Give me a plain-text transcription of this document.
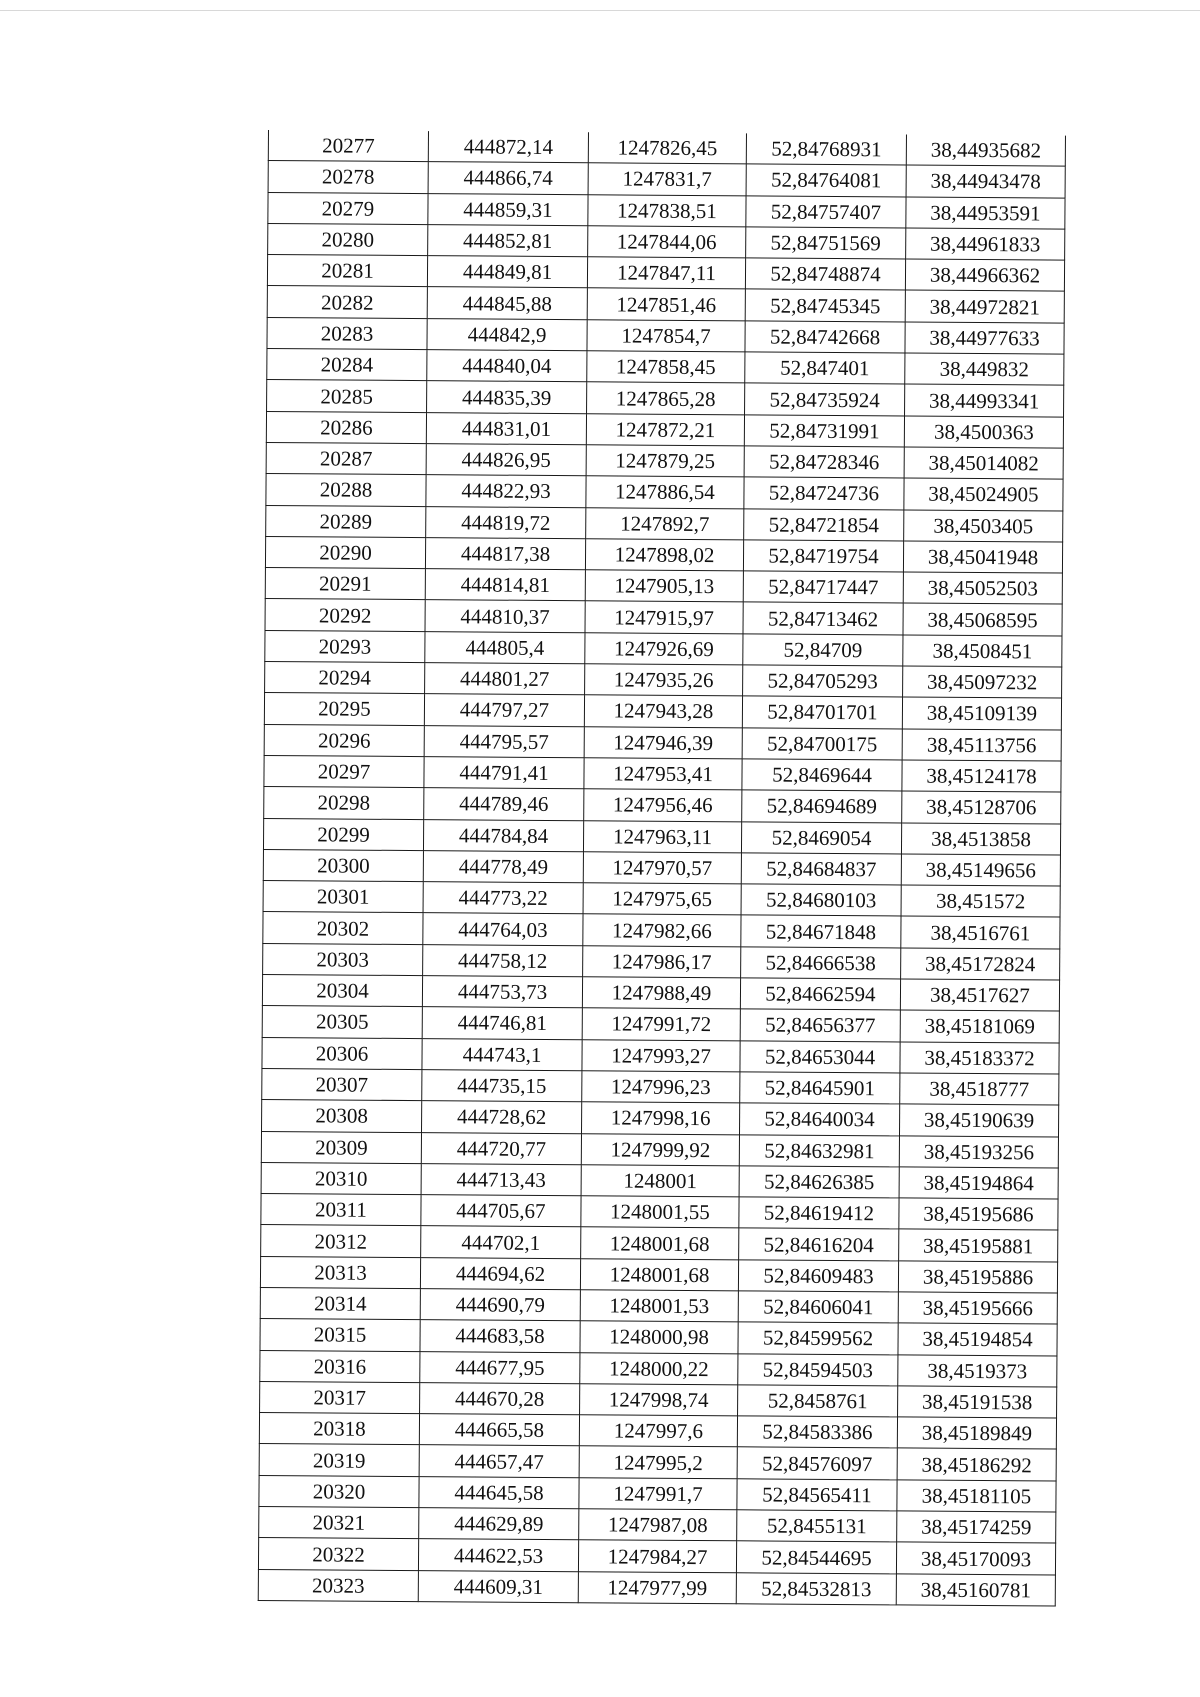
20277	444872,14	1247826,45	52,84768931	38,44935682
20278	444866,74	1247831,7	52,84764081	38,44943478
20279	444859,31	1247838,51	52,84757407	38,44953591
20280	444852,81	1247844,06	52,84751569	38,44961833
20281	444849,81	1247847,11	52,84748874	38,44966362
20282	444845,88	1247851,46	52,84745345	38,44972821
20283	444842,9	1247854,7	52,84742668	38,44977633
20284	444840,04	1247858,45	52,847401	38,449832
20285	444835,39	1247865,28	52,84735924	38,44993341
20286	444831,01	1247872,21	52,84731991	38,4500363
20287	444826,95	1247879,25	52,84728346	38,45014082
20288	444822,93	1247886,54	52,84724736	38,45024905
20289	444819,72	1247892,7	52,84721854	38,4503405
20290	444817,38	1247898,02	52,84719754	38,45041948
20291	444814,81	1247905,13	52,84717447	38,45052503
20292	444810,37	1247915,97	52,84713462	38,45068595
20293	444805,4	1247926,69	52,84709	38,4508451
20294	444801,27	1247935,26	52,84705293	38,45097232
20295	444797,27	1247943,28	52,84701701	38,45109139
20296	444795,57	1247946,39	52,84700175	38,45113756
20297	444791,41	1247953,41	52,8469644	38,45124178
20298	444789,46	1247956,46	52,84694689	38,45128706
20299	444784,84	1247963,11	52,8469054	38,4513858
20300	444778,49	1247970,57	52,84684837	38,45149656
20301	444773,22	1247975,65	52,84680103	38,451572
20302	444764,03	1247982,66	52,84671848	38,4516761
20303	444758,12	1247986,17	52,84666538	38,45172824
20304	444753,73	1247988,49	52,84662594	38,4517627
20305	444746,81	1247991,72	52,84656377	38,45181069
20306	444743,1	1247993,27	52,84653044	38,45183372
20307	444735,15	1247996,23	52,84645901	38,4518777
20308	444728,62	1247998,16	52,84640034	38,45190639
20309	444720,77	1247999,92	52,84632981	38,45193256
20310	444713,43	1248001	52,84626385	38,45194864
20311	444705,67	1248001,55	52,84619412	38,45195686
20312	444702,1	1248001,68	52,84616204	38,45195881
20313	444694,62	1248001,68	52,84609483	38,45195886
20314	444690,79	1248001,53	52,84606041	38,45195666
20315	444683,58	1248000,98	52,84599562	38,45194854
20316	444677,95	1248000,22	52,84594503	38,4519373
20317	444670,28	1247998,74	52,8458761	38,45191538
20318	444665,58	1247997,6	52,84583386	38,45189849
20319	444657,47	1247995,2	52,84576097	38,45186292
20320	444645,58	1247991,7	52,84565411	38,45181105
20321	444629,89	1247987,08	52,8455131	38,45174259
20322	444622,53	1247984,27	52,84544695	38,45170093
20323	444609,31	1247977,99	52,84532813	38,45160781
